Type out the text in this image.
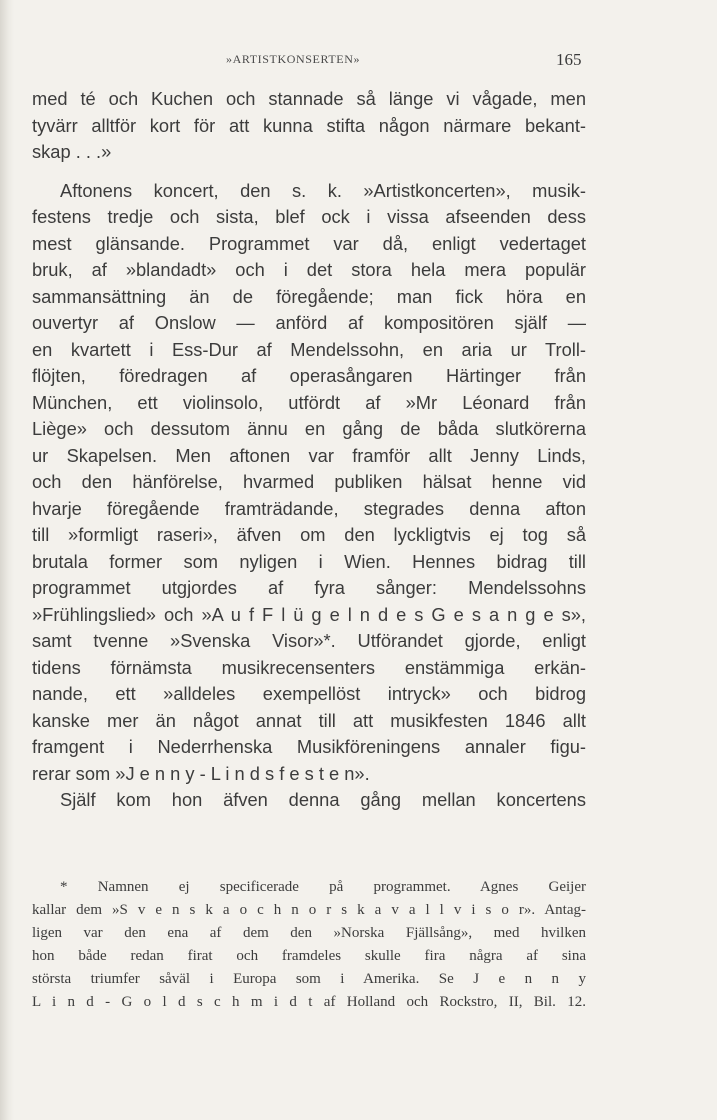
»ARTISTKONSERTEN»	165
med té och Kuchen och stannade så länge vi vågade, men
tyvärr alltför kort för att kunna stifta någon närmare bekant-
skap . . .»
Aftonens koncert, den s. k. »Artistkoncerten», musik-
festens tredje och sista, blef ock i vissa afseenden dess
mest glänsande. Programmet var då, enligt vedertaget
bruk, af »blandadt» och i det stora hela mera populär
sammansättning än de föregående; man fick höra en
ouvertyr af Onslow — anförd af kompositören själf —
en kvartett i Ess-Dur af Mendelssohn, en aria ur Troll-
flöjten, föredragen af operasångaren Härtinger från
München, ett violinsolo, utfördt af »Mr Léonard från
Liège» och dessutom ännu en gång de båda slutkörerna
ur Skapelsen. Men aftonen var framför allt Jenny Linds,
och den hänförelse, hvarmed publiken hälsat henne vid
hvarje föregående framträdande, stegrades denna afton
till »formligt raseri», äfven om den lyckligtvis ej tog så
brutala former som nyligen i Wien. Hennes bidrag till
programmet utgjordes af fyra sånger: Mendelssohns
»Frühlingslied» och »A u f F l ü g e l n d e s G e s a n g e s»,
samt tvenne »Svenska Visor»*. Utförandet gjorde, enligt
tidens förnämsta musikrecensenters enstämmiga erkän-
nande, ett »alldeles exempellöst intryck» och bidrog
kanske mer än något annat till att musikfesten 1846 allt
framgent i Nederrhenska Musikföreningens annaler figu-
rerar som »J e n n y - L i n d s f e s t e n».
Själf kom hon äfven denna gång mellan koncertens
* Namnen ej specificerade på programmet. Agnes Geijer
kallar dem »S v e n s k a o c h n o r s k a v a l l v i s o r». Antag-
ligen var den ena af dem den »Norska Fjällsång», med hvilken
hon både redan firat och framdeles skulle fira några af sina
största triumfer såväl i Europa som i Amerika. Se J e n n y
L i n d - G o l d s c h m i d t af Holland och Rockstro, II, Bil. 12.
